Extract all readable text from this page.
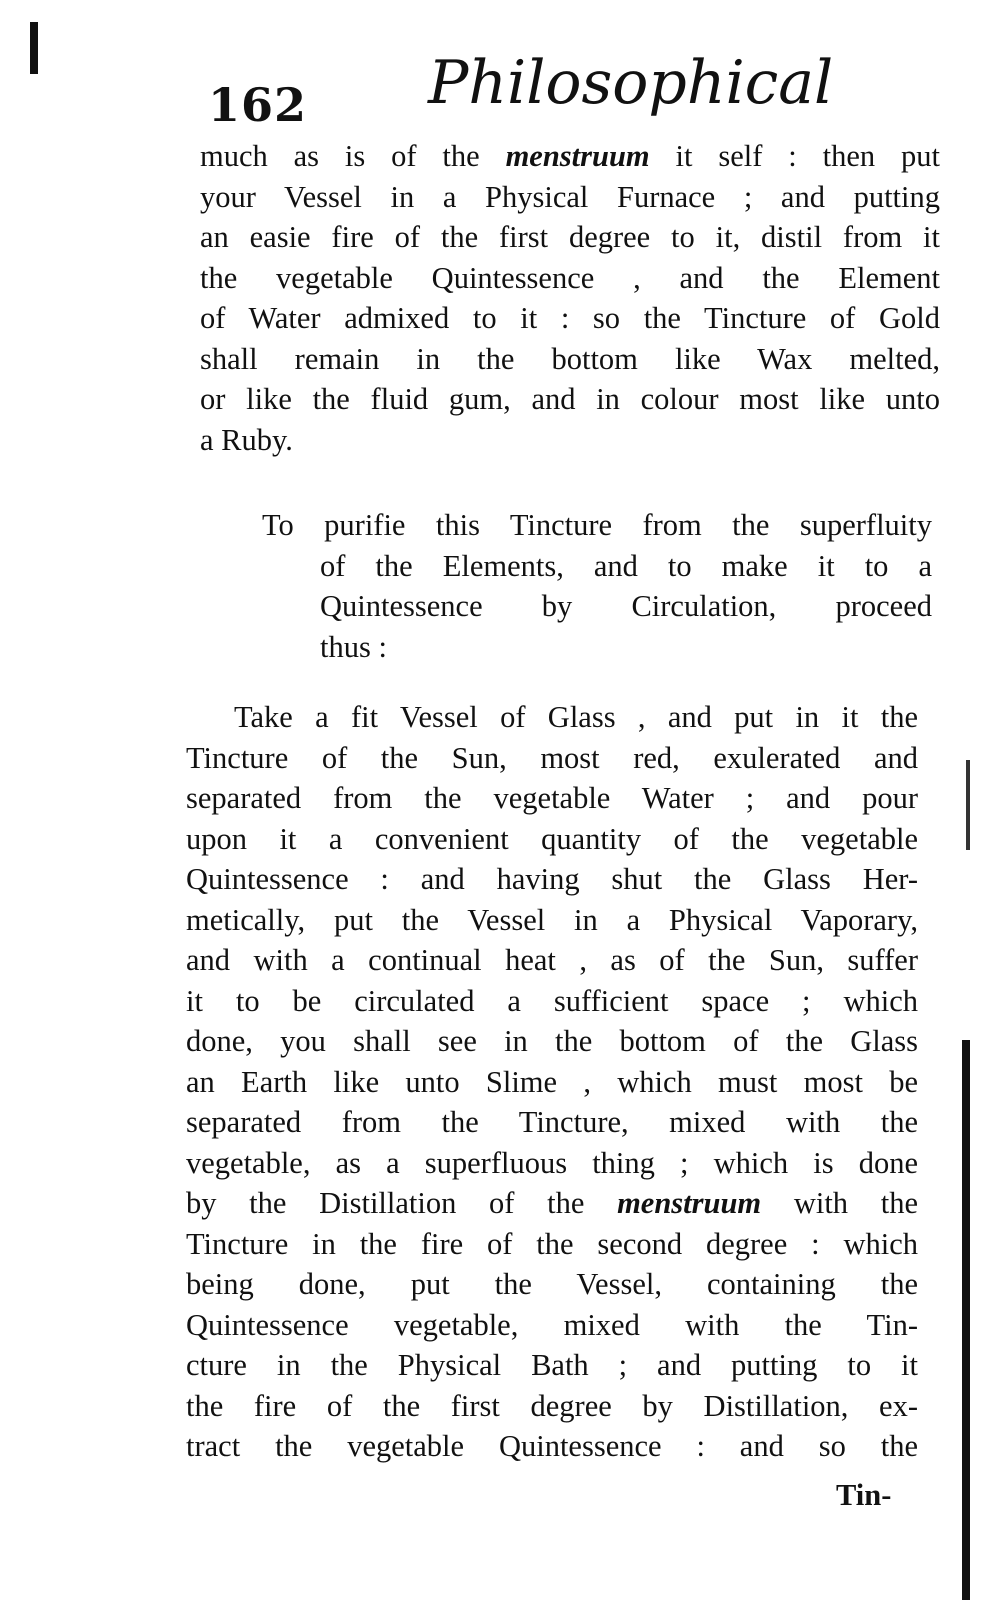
162 Philosophical
much as is of the menstruum it self : then put
your Vessel in a Physical Furnace ; and putting
an easie fire of the first degree to it, distil from it
the vegetable Quintessence , and the Element
of Water admixed to it : so the Tincture of Gold
shall remain in the bottom like Wax melted,
or like the fluid gum, and in colour most like unto
a Ruby.
To purifie this Tincture from the superfluity
of the Elements, and to make it to a
Quintessence by Circulation, proceed
thus :
Take a fit Vessel of Glass , and put in it the
Tincture of the Sun, most red, exulerated and
separated from the vegetable Water ; and pour
upon it a convenient quantity of the vegetable
Quintessence : and having shut the Glass Her-
metically, put the Vessel in a Physical Vaporary,
and with a continual heat , as of the Sun, suffer
it to be circulated a sufficient space ; which
done, you shall see in the bottom of the Glass
an Earth like unto Slime , which must most be
separated from the Tincture, mixed with the
vegetable, as a superfluous thing ; which is done
by the Distillation of the menstruum with the
Tincture in the fire of the second degree : which
being done, put the Vessel, containing the
Quintessence vegetable, mixed with the Tin-
cture in the Physical Bath ; and putting to it
the fire of the first degree by Distillation, ex-
tract the vegetable Quintessence : and so the
Tin-
